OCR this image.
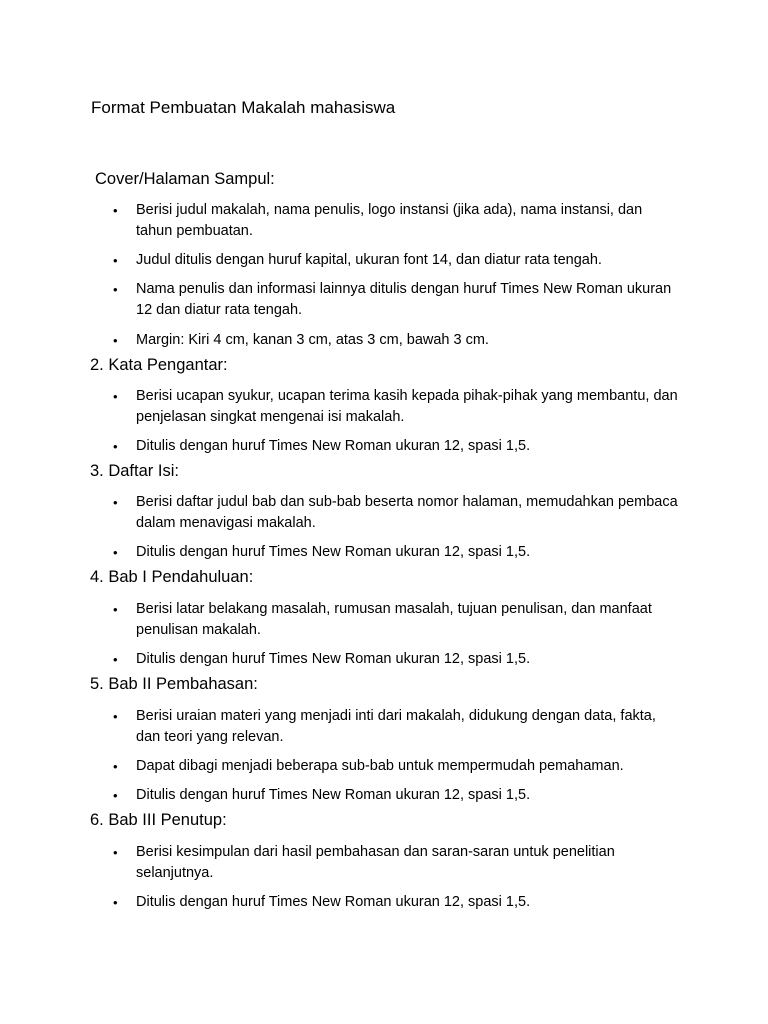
Format Pembuatan Makalah mahasiswa
Cover/Halaman Sampul:
•	Berisi judul makalah, nama penulis, logo instansi (jika ada), nama instansi, dan tahun pembuatan.
•	Judul ditulis dengan huruf kapital, ukuran font 14, dan diatur rata tengah.
•	Nama penulis dan informasi lainnya ditulis dengan huruf Times New Roman ukuran 12 dan diatur rata tengah.
•	Margin: Kiri 4 cm, kanan 3 cm, atas 3 cm, bawah 3 cm.
2. Kata Pengantar:
•	Berisi ucapan syukur, ucapan terima kasih kepada pihak-pihak yang membantu, dan penjelasan singkat mengenai isi makalah.
•	Ditulis dengan huruf Times New Roman ukuran 12, spasi 1,5.
3. Daftar Isi:
•	Berisi daftar judul bab dan sub-bab beserta nomor halaman, memudahkan pembaca dalam menavigasi makalah.
•	Ditulis dengan huruf Times New Roman ukuran 12, spasi 1,5.
4. Bab I Pendahuluan:
•	Berisi latar belakang masalah, rumusan masalah, tujuan penulisan, dan manfaat penulisan makalah.
•	Ditulis dengan huruf Times New Roman ukuran 12, spasi 1,5.
5. Bab II Pembahasan:
•	Berisi uraian materi yang menjadi inti dari makalah, didukung dengan data, fakta, dan teori yang relevan.
•	Dapat dibagi menjadi beberapa sub-bab untuk mempermudah pemahaman.
•	Ditulis dengan huruf Times New Roman ukuran 12, spasi 1,5.
6. Bab III Penutup:
•	Berisi kesimpulan dari hasil pembahasan dan saran-saran untuk penelitian selanjutnya.
•	Ditulis dengan huruf Times New Roman ukuran 12, spasi 1,5.
